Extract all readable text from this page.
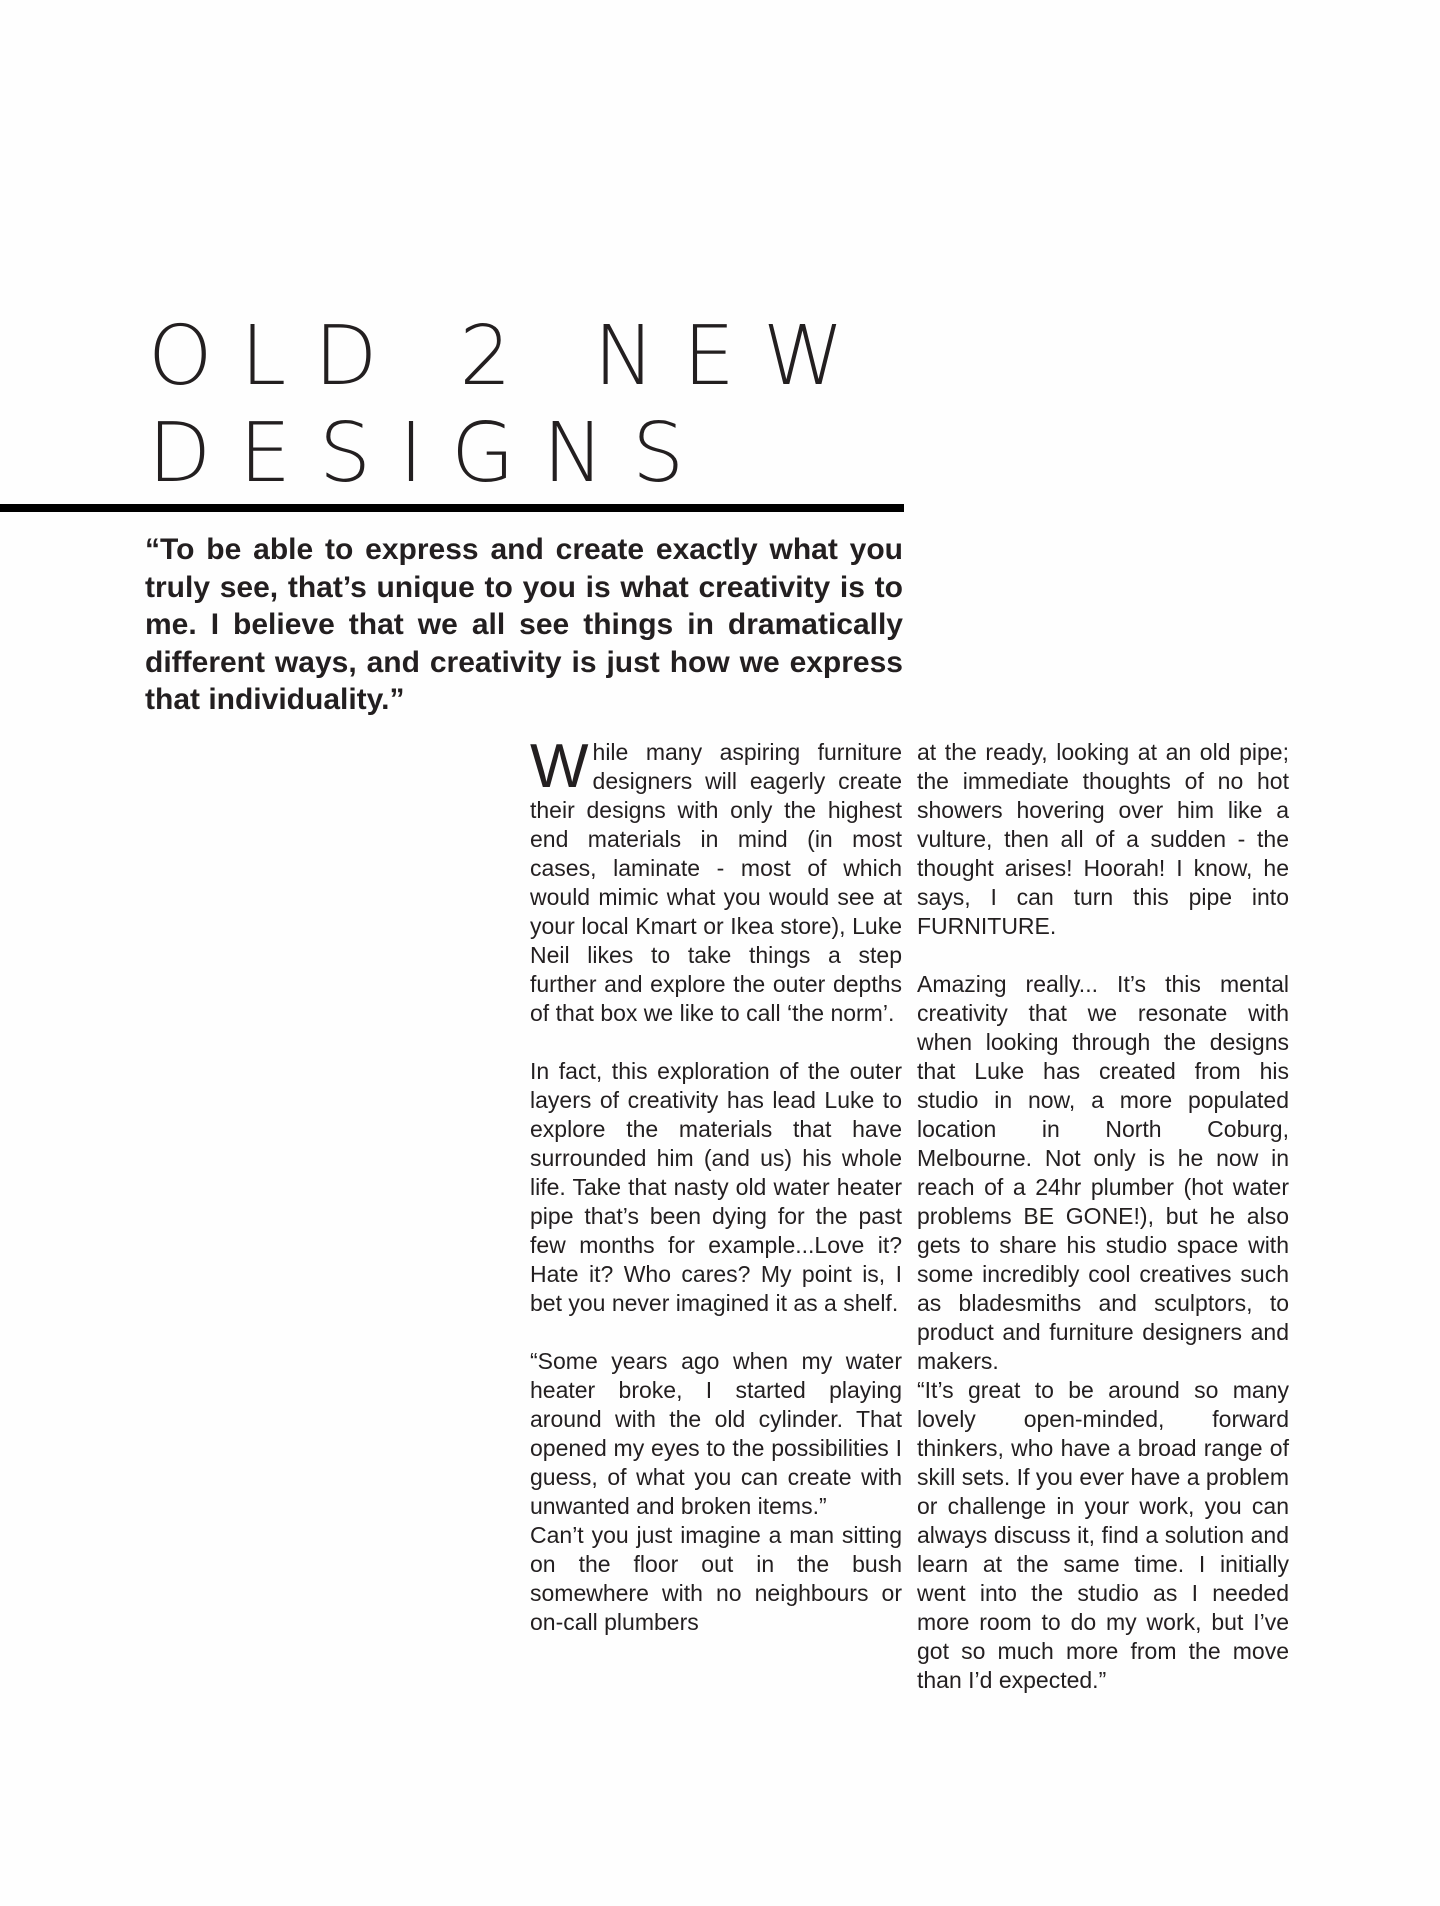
OLD 2 NEW
DESIGNS

“To be able to express and create exactly what you truly see, that’s unique to you is what creativity is to me. I believe that we all see things in dramatically different ways, and creativity is just how we express that individuality.”

While many aspiring furniture designers will eagerly create their designs with only the highest end materials in mind (in most cases, laminate - most of which would mimic what you would see at your local Kmart or Ikea store), Luke Neil likes to take things a step further and explore the outer depths of that box we like to call ‘the norm’.

In fact, this exploration of the outer layers of creativity has lead Luke to explore the materials that have surrounded him (and us) his whole life. Take that nasty old water heater pipe that’s been dying for the past few months for example...Love it? Hate it? Who cares? My point is, I bet you never imagined it as a shelf.

“Some years ago when my water heater broke, I started playing around with the old cylinder. That opened my eyes to the possibilities I guess, of what you can create with unwanted and broken items.”

Can’t you just imagine a man sitting on the floor out in the bush somewhere with no neighbours or on-call plumbers

at the ready, looking at an old pipe; the immediate thoughts of no hot showers hovering over him like a vulture, then all of a sudden - the thought arises! Hoorah! I know, he says, I can turn this pipe into FURNITURE.

Amazing really... It’s this mental creativity that we resonate with when looking through the designs that Luke has created from his studio in now, a more populated location in North Coburg, Melbourne. Not only is he now in reach of a 24hr plumber (hot water problems BE GONE!), but he also gets to share his studio space with some incredibly cool creatives such as bladesmiths and sculptors, to product and furniture designers and makers.

“It’s great to be around so many lovely open-minded, forward thinkers, who have a broad range of skill sets. If you ever have a problem or challenge in your work, you can always discuss it, find a solution and learn at the same time. I initially went into the studio as I needed more room to do my work, but I’ve got so much more from the move than I’d expected.”
